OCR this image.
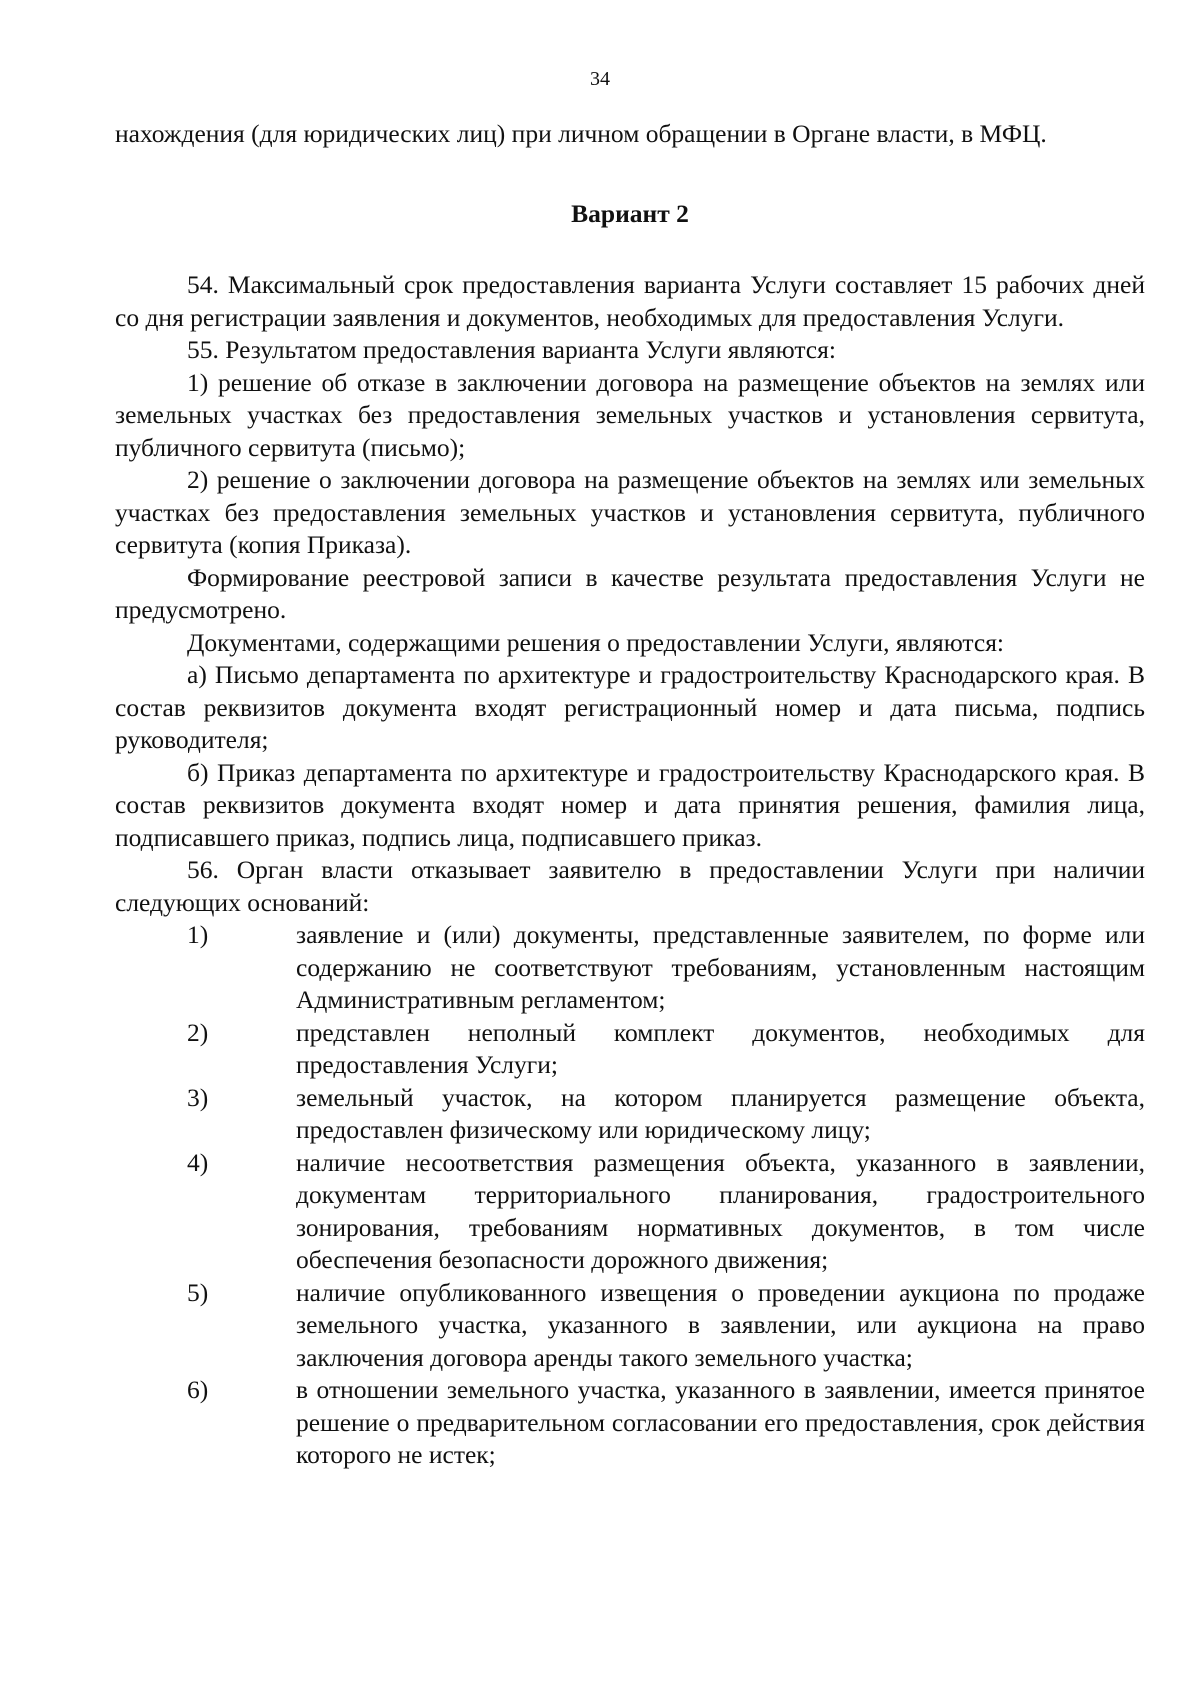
34

нахождения (для юридических лиц) при личном обращении в Органе власти, в МФЦ.

Вариант 2

54. Максимальный срок предоставления варианта Услуги составляет 15 рабочих дней со дня регистрации заявления и документов, необходимых для предоставления Услуги.

55. Результатом предоставления варианта Услуги являются:

1) решение об отказе в заключении договора на размещение объектов на землях или земельных участках без предоставления земельных участков и установления сервитута, публичного сервитута (письмо);

2) решение о заключении договора на размещение объектов на землях или земельных участках без предоставления земельных участков и установления сервитута, публичного сервитута (копия Приказа).

Формирование реестровой записи в качестве результата предоставления Услуги не предусмотрено.

Документами, содержащими решения о предоставлении Услуги, являются:

а) Письмо департамента по архитектуре и градостроительству Краснодарского края. В состав реквизитов документа входят регистрационный номер и дата письма, подпись руководителя;

б) Приказ департамента по архитектуре и градостроительству Краснодарского края. В состав реквизитов документа входят номер и дата принятия решения, фамилия лица, подписавшего приказ, подпись лица, подписавшего приказ.

56. Орган власти отказывает заявителю в предоставлении Услуги при наличии следующих оснований:

1)	заявление и (или) документы, представленные заявителем, по форме или содержанию не соответствуют требованиям, установленным настоящим Административным регламентом;
2)	представлен неполный комплект документов, необходимых для предоставления Услуги;
3)	земельный участок, на котором планируется размещение объекта, предоставлен физическому или юридическому лицу;
4)	наличие несоответствия размещения объекта, указанного в заявлении, документам территориального планирования, градостроительного зонирования, требованиям нормативных документов, в том числе обеспечения безопасности дорожного движения;
5)	наличие опубликованного извещения о проведении аукциона по продаже земельного участка, указанного в заявлении, или аукциона на право заключения договора аренды такого земельного участка;
6)	в отношении земельного участка, указанного в заявлении, имеется принятое решение о предварительном согласовании его предоставления, срок действия которого не истек;
